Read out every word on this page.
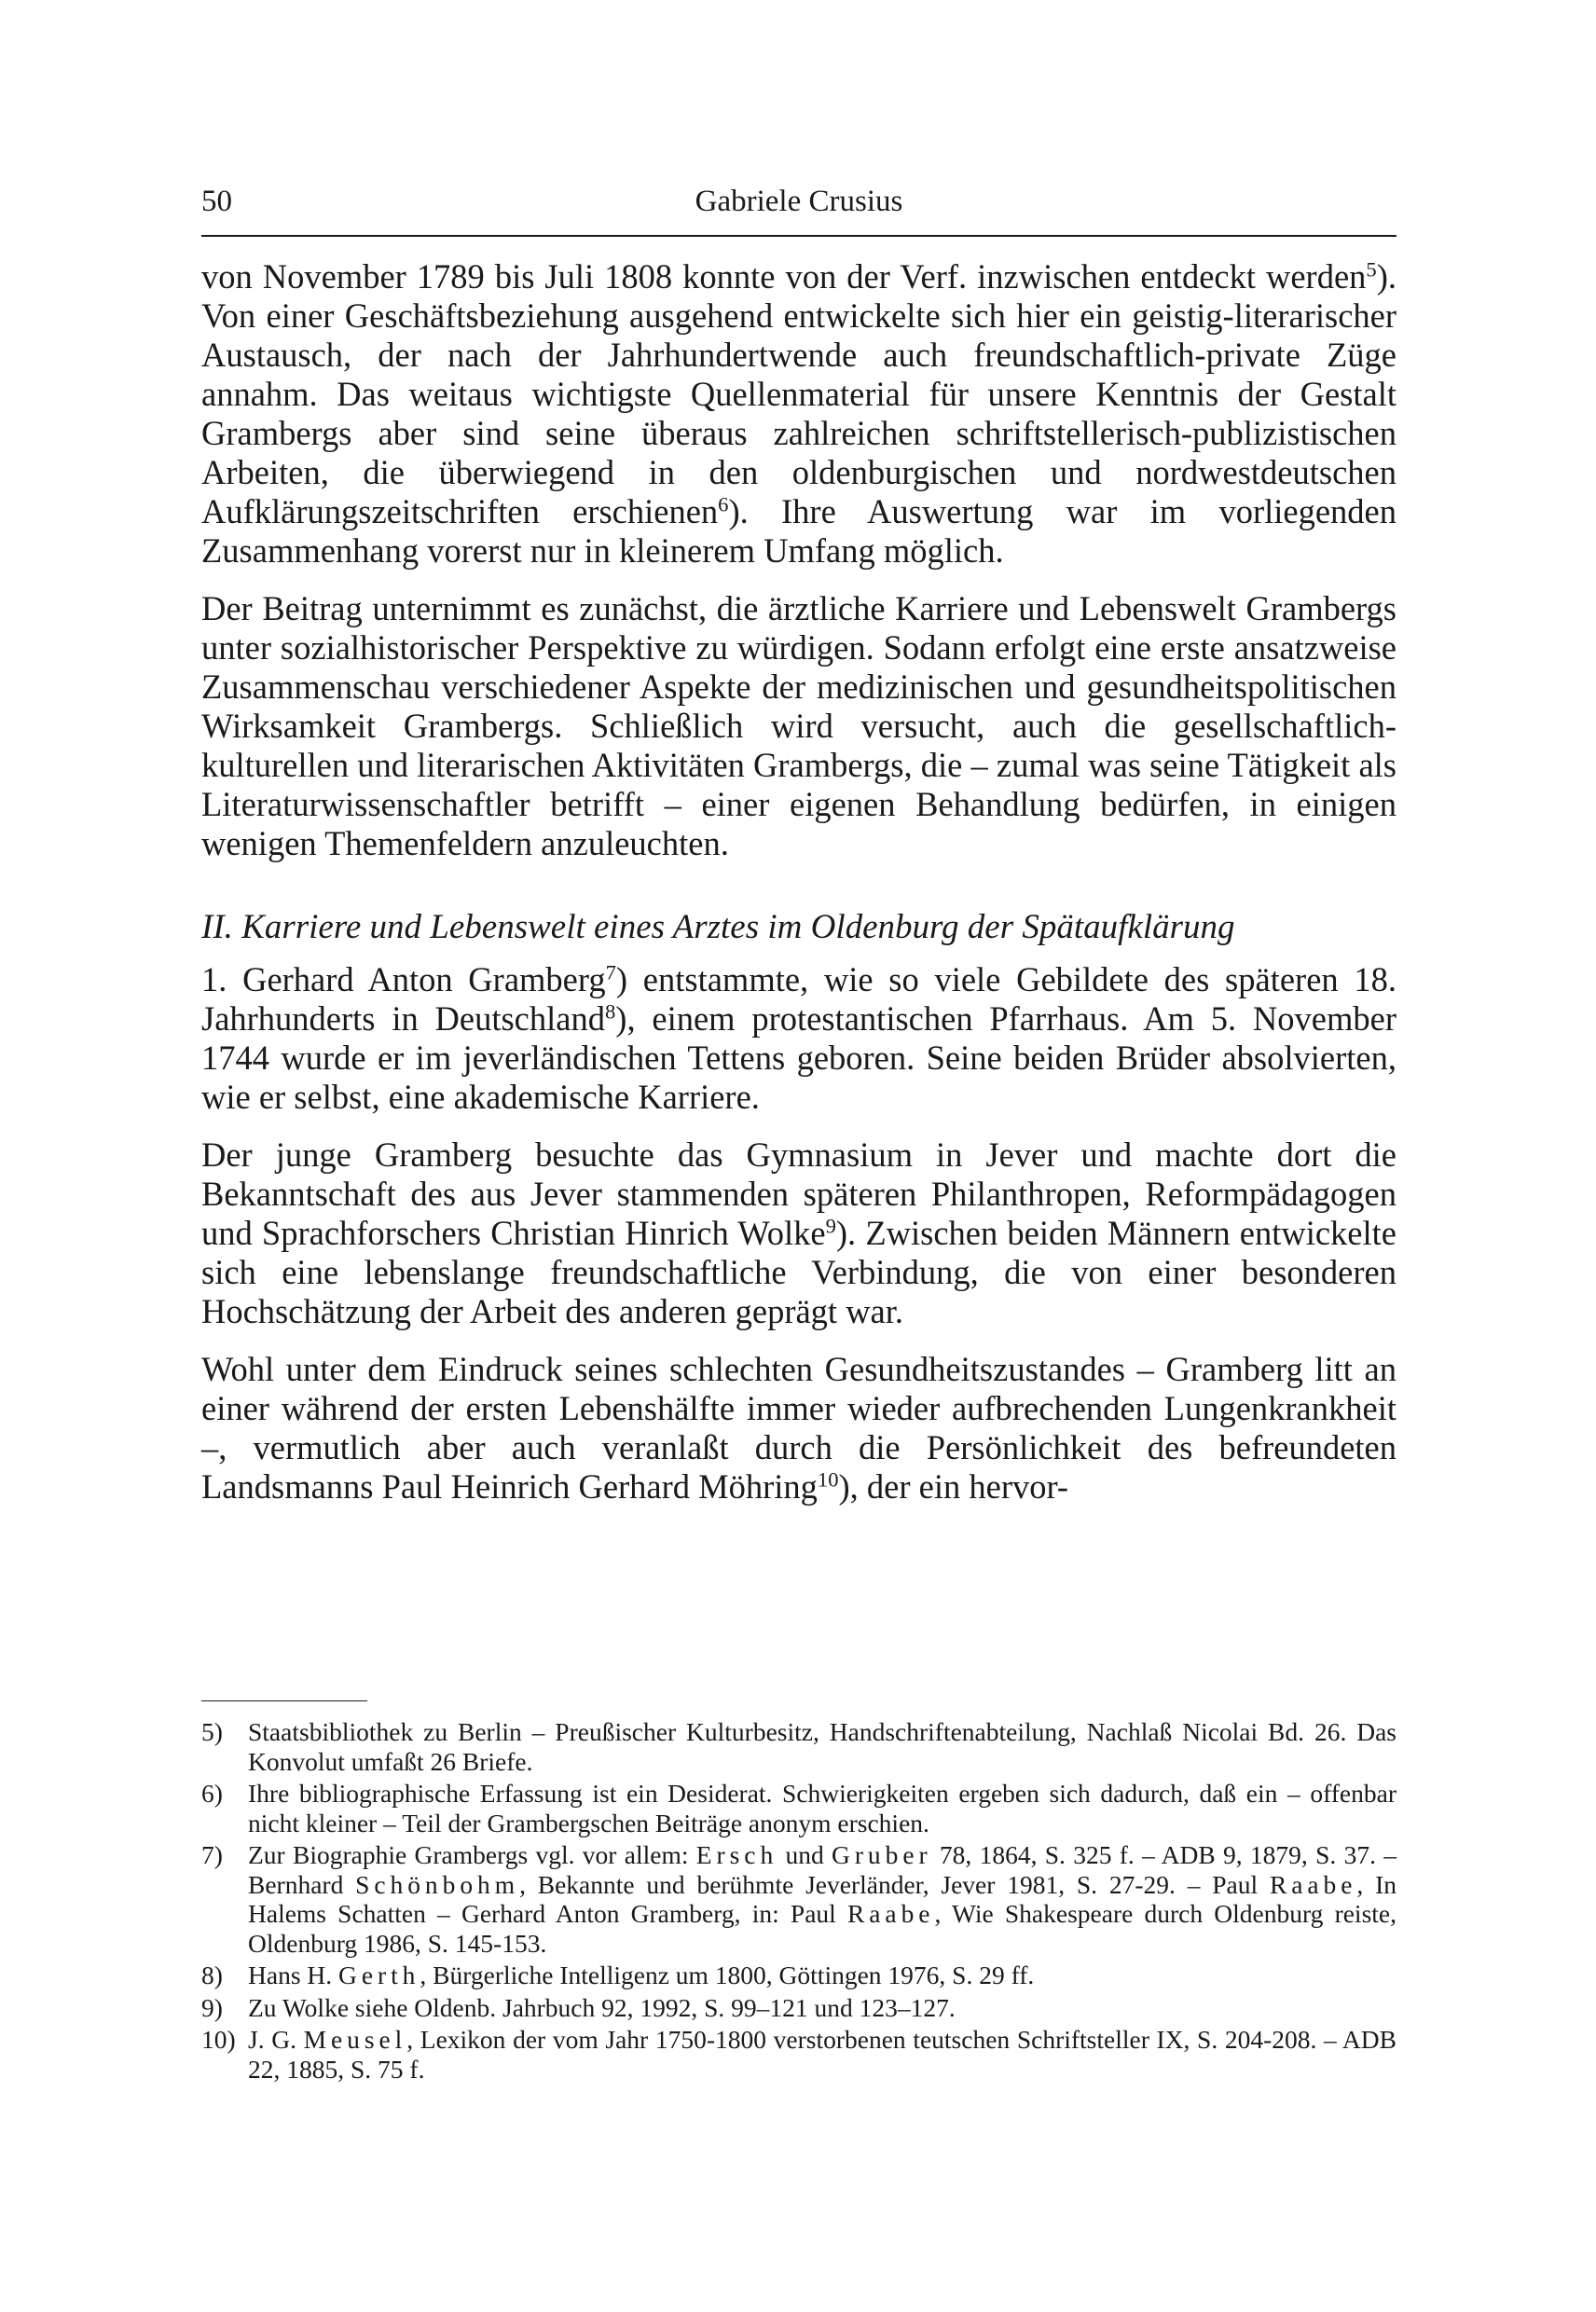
50	Gabriele Crusius

von November 1789 bis Juli 1808 konnte von der Verf. inzwischen entdeckt werden$^5$). Von einer Geschäftsbeziehung ausgehend entwickelte sich hier ein geistig-literarischer Austausch, der nach der Jahrhundertwende auch freundschaftlich-private Züge annahm. Das weitaus wichtigste Quellenmaterial für unsere Kenntnis der Gestalt Grambergs aber sind seine überaus zahlreichen schriftstellerisch-publizistischen Arbeiten, die überwiegend in den oldenburgischen und nordwestdeutschen Aufklärungszeitschriften erschienen$^6$). Ihre Auswertung war im vorliegenden Zusammenhang vorerst nur in kleinerem Umfang möglich.

Der Beitrag unternimmt es zunächst, die ärztliche Karriere und Lebenswelt Grambergs unter sozialhistorischer Perspektive zu würdigen. Sodann erfolgt eine erste ansatzweise Zusammenschau verschiedener Aspekte der medizinischen und gesundheitspolitischen Wirksamkeit Grambergs. Schließlich wird versucht, auch die gesellschaftlich-kulturellen und literarischen Aktivitäten Grambergs, die – zumal was seine Tätigkeit als Literaturwissenschaftler betrifft – einer eigenen Behandlung bedürfen, in einigen wenigen Themenfeldern anzuleuchten.

II. Karriere und Lebenswelt eines Arztes im Oldenburg der Spätaufklärung

1. Gerhard Anton Gramberg$^7$) entstammte, wie so viele Gebildete des späteren 18. Jahrhunderts in Deutschland$^8$), einem protestantischen Pfarrhaus. Am 5. November 1744 wurde er im jeverländischen Tettens geboren. Seine beiden Brüder absolvierten, wie er selbst, eine akademische Karriere.

Der junge Gramberg besuchte das Gymnasium in Jever und machte dort die Bekanntschaft des aus Jever stammenden späteren Philanthropen, Reformpädagogen und Sprachforschers Christian Hinrich Wolke$^9$). Zwischen beiden Männern entwickelte sich eine lebenslange freundschaftliche Verbindung, die von einer besonderen Hochschätzung der Arbeit des anderen geprägt war.

Wohl unter dem Eindruck seines schlechten Gesundheitszustandes – Gramberg litt an einer während der ersten Lebenshälfte immer wieder aufbrechenden Lungenkrankheit –, vermutlich aber auch veranlaßt durch die Persönlichkeit des befreundeten Landsmanns Paul Heinrich Gerhard Möhring$^{10}$), der ein hervor-

5) Staatsbibliothek zu Berlin – Preußischer Kulturbesitz, Handschriftenabteilung, Nachlaß Nicolai Bd. 26. Das Konvolut umfaßt 26 Briefe.
6) Ihre bibliographische Erfassung ist ein Desiderat. Schwierigkeiten ergeben sich dadurch, daß ein – offenbar nicht kleiner – Teil der Grambergschen Beiträge anonym erschien.
7) Zur Biographie Grambergs vgl. vor allem: Ersch und Gruber 78, 1864, S. 325 f. – ADB 9, 1879, S. 37. – Bernhard Schönbohm, Bekannte und berühmte Jeverländer, Jever 1981, S. 27-29. – Paul Raabe, In Halems Schatten – Gerhard Anton Gramberg, in: Paul Raabe, Wie Shakespeare durch Oldenburg reiste, Oldenburg 1986, S. 145-153.
8) Hans H. Gerth, Bürgerliche Intelligenz um 1800, Göttingen 1976, S. 29 ff.
9) Zu Wolke siehe Oldenb. Jahrbuch 92, 1992, S. 99–121 und 123–127.
10) J. G. Meusel, Lexikon der vom Jahr 1750-1800 verstorbenen teutschen Schriftsteller IX, S. 204-208. – ADB 22, 1885, S. 75 f.
